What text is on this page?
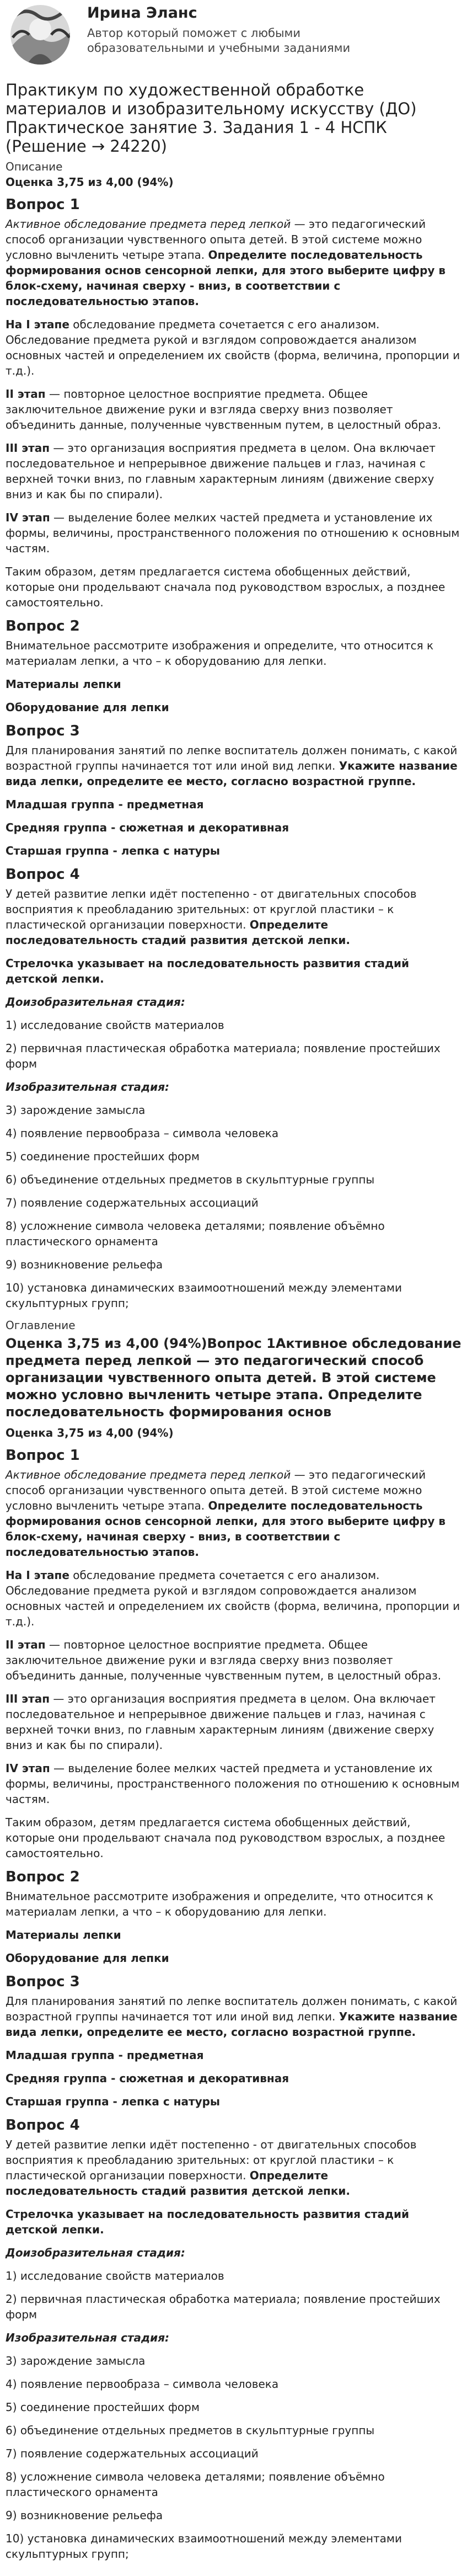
Ирина Эланс
Автор который поможет с любыми образовательными и учебными заданиями
Практикум по художественной обработке материалов и изобразительному искусству (ДО) Практическое занятие 3. Задания 1 - 4 НСПК (Решение → 24220)
Описание
Оценка 3,75 из 4,00 (94%)
Вопрос 1

Активное обследование предмета перед лепкой — это педагогический способ организации чувственного опыта детей. В этой системе можно условно вычленить четыре этапа. Определите последовательность формирования основ сенсорной лепки, для этого выберите цифру в блок-схему, начиная сверху - вниз, в соответствии с последовательностью этапов.

На I этапе обследование предмета сочетается с его анализом. Обследование предмета рукой и взглядом сопровождается анализом основных частей и определением их свойств (форма, величина, пропорции и т.д.).

II этап — повторное целостное восприятие предмета. Общее заключительное движение руки и взгляда сверху вниз позволяет объединить данные, полученные чувственным путем, в целостный образ.

III этап — это организация восприятия предмета в целом. Она включает последовательное и непрерывное движение пальцев и глаз, начиная с верхней точки вниз, по главным характерным линиям (движение сверху вниз и как бы по спирали).

IV этап — выделение более мелких частей предмета и установление их формы, величины, пространственного положения по отношению к основным частям.

Таким образом, детям предлагается система обобщенных действий, которые они продельвают сначала под руководством взрослых, а позднее самостоятельно.

Вопрос 2

Внимательное рассмотрите изображения и определите, что относится к материалам лепки, а что – к оборудованию для лепки.

Материалы лепки

Оборудование для лепки

Вопрос 3

Для планирования занятий по лепке воспитатель должен понимать, с какой возрастной группы начинается тот или иной вид лепки. Укажите название вида лепки, определите ее место, согласно возрастной группе.

Младшая группа - предметная

Средняя группа - сюжетная и декоративная

Старшая группа - лепка с натуры

Вопрос 4

У детей развитие лепки идёт постепенно - от двигательных способов восприятия к преобладанию зрительных: от круглой пластики – к пластической организации поверхности. Определите последовательность стадий развития детской лепки.

Стрелочка указывает на последовательность развития стадий детской лепки.

Доизобразительная стадия:

1) исследование свойств материалов

2) первичная пластическая обработка материала; появление простейших форм

Изобразительная стадия:

3) зарождение замысла

4) появление первообраза – символа человека

5) соединение простейших форм

6) объединение отдельных предметов в скульптурные группы

7) появление содержательных ассоциаций

8) усложнение символа человека деталями; появление объёмно пластического орнамента

9) возникновение рельефа

10) установка динамических взаимоотношений между элементами скульптурных групп;

Оглавление
Оценка 3,75 из 4,00 (94%)Вопрос 1Активное обследование предмета перед лепкой — это педагогический способ организации чувственного опыта детей. В этой системе можно условно вычленить четыре этапа. Определите последовательность формирования основ
Оценка 3,75 из 4,00 (94%)
Вопрос 1

Активное обследование предмета перед лепкой — это педагогический способ организации чувственного опыта детей. В этой системе можно условно вычленить четыре этапа. Определите последовательность формирования основ сенсорной лепки, для этого выберите цифру в блок-схему, начиная сверху - вниз, в соответствии с последовательностью этапов.

На I этапе обследование предмета сочетается с его анализом. Обследование предмета рукой и взглядом сопровождается анализом основных частей и определением их свойств (форма, величина, пропорции и т.д.).

II этап — повторное целостное восприятие предмета. Общее заключительное движение руки и взгляда сверху вниз позволяет объединить данные, полученные чувственным путем, в целостный образ.

III этап — это организация восприятия предмета в целом. Она включает последовательное и непрерывное движение пальцев и глаз, начиная с верхней точки вниз, по главным характерным линиям (движение сверху вниз и как бы по спирали).

IV этап — выделение более мелких частей предмета и установление их формы, величины, пространственного положения по отношению к основным частям.

Таким образом, детям предлагается система обобщенных действий, которые они продельвают сначала под руководством взрослых, а позднее самостоятельно.

Вопрос 2

Внимательное рассмотрите изображения и определите, что относится к материалам лепки, а что – к оборудованию для лепки.

Материалы лепки

Оборудование для лепки

Вопрос 3

Для планирования занятий по лепке воспитатель должен понимать, с какой возрастной группы начинается тот или иной вид лепки. Укажите название вида лепки, определите ее место, согласно возрастной группе.

Младшая группа - предметная

Средняя группа - сюжетная и декоративная

Старшая группа - лепка с натуры

Вопрос 4

У детей развитие лепки идёт постепенно - от двигательных способов восприятия к преобладанию зрительных: от круглой пластики – к пластической организации поверхности. Определите последовательность стадий развития детской лепки.

Стрелочка указывает на последовательность развития стадий детской лепки.

Доизобразительная стадия:

1) исследование свойств материалов

2) первичная пластическая обработка материала; появление простейших форм

Изобразительная стадия:

3) зарождение замысла

4) появление первообраза – символа человека

5) соединение простейших форм

6) объединение отдельных предметов в скульптурные группы

7) появление содержательных ассоциаций

8) усложнение символа человека деталями; появление объёмно пластического орнамента

9) возникновение рельефа

10) установка динамических взаимоотношений между элементами скульптурных групп;
